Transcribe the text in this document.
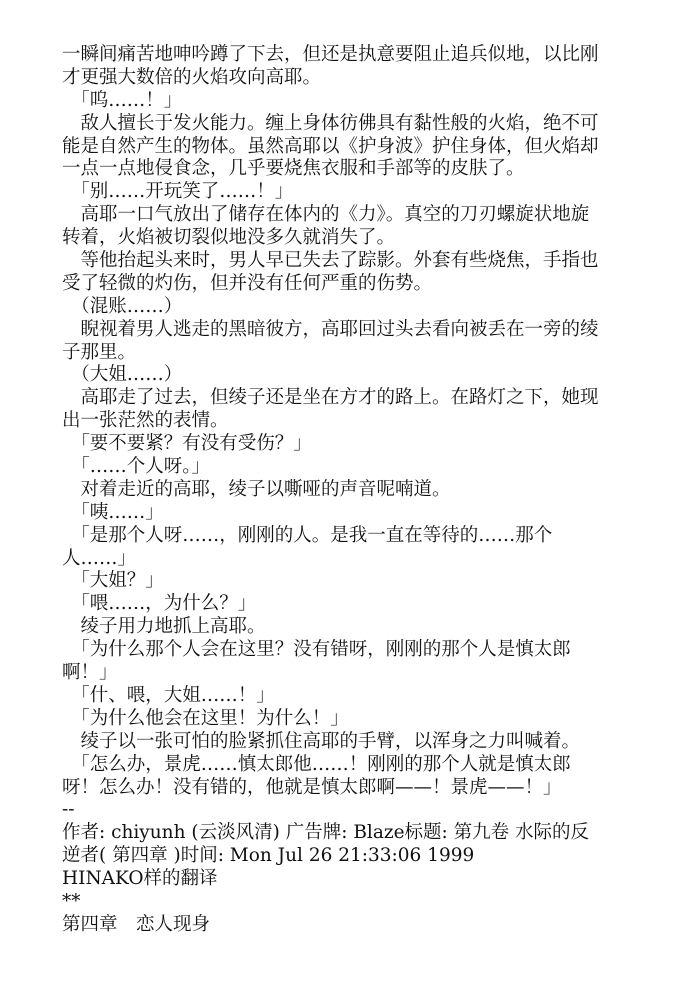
一瞬间痛苦地呻吟蹲了下去，但还是执意要阻止追兵似地，以比刚
才更强大数倍的火焰攻向高耶。
　「呜……！」
　敌人擅长于发火能力。缠上身体彷佛具有黏性般的火焰，绝不可
能是自然产生的物体。虽然高耶以《护身波》护住身体，但火焰却
一点一点地侵食念，几乎要烧焦衣服和手部等的皮肤了。
　「别……开玩笑了……！」
　高耶一口气放出了储存在体内的《力》。真空的刀刃螺旋状地旋
转着，火焰被切裂似地没多久就消失了。
　等他抬起头来时，男人早已失去了踪影。外套有些烧焦，手指也
受了轻微的灼伤，但并没有任何严重的伤势。
　（混账……）
　睨视着男人逃走的黑暗彼方，高耶回过头去看向被丢在一旁的绫
子那里。
　（大姐……）
　高耶走了过去，但绫子还是坐在方才的路上。在路灯之下，她现
出一张茫然的表情。
　「要不要紧？有没有受伤？」
　「……个人呀。」
　对着走近的高耶，绫子以嘶哑的声音呢喃道。
　「咦……」
　「是那个人呀……，刚刚的人。是我一直在等待的……那个
人……」
　「大姐？」
　「喂……，为什么？」
　绫子用力地抓上高耶。
　「为什么那个人会在这里？没有错呀，刚刚的那个人是慎太郎
啊！」
　「什、喂，大姐……！」
　「为什么他会在这里！为什么！」
　绫子以一张可怕的脸紧抓住高耶的手臂，以浑身之力叫喊着。
　「怎么办，景虎……慎太郎他……！刚刚的那个人就是慎太郎
呀！怎么办！没有错的，他就是慎太郎啊——！景虎——！」
--
作者: chiyunh (云淡风清) 广告牌: Blaze标题: 第九卷 水际的反
逆者( 第四章 )时间: Mon Jul 26 21:33:06 1999
HINAKO样的翻译
**
第四章　恋人现身
